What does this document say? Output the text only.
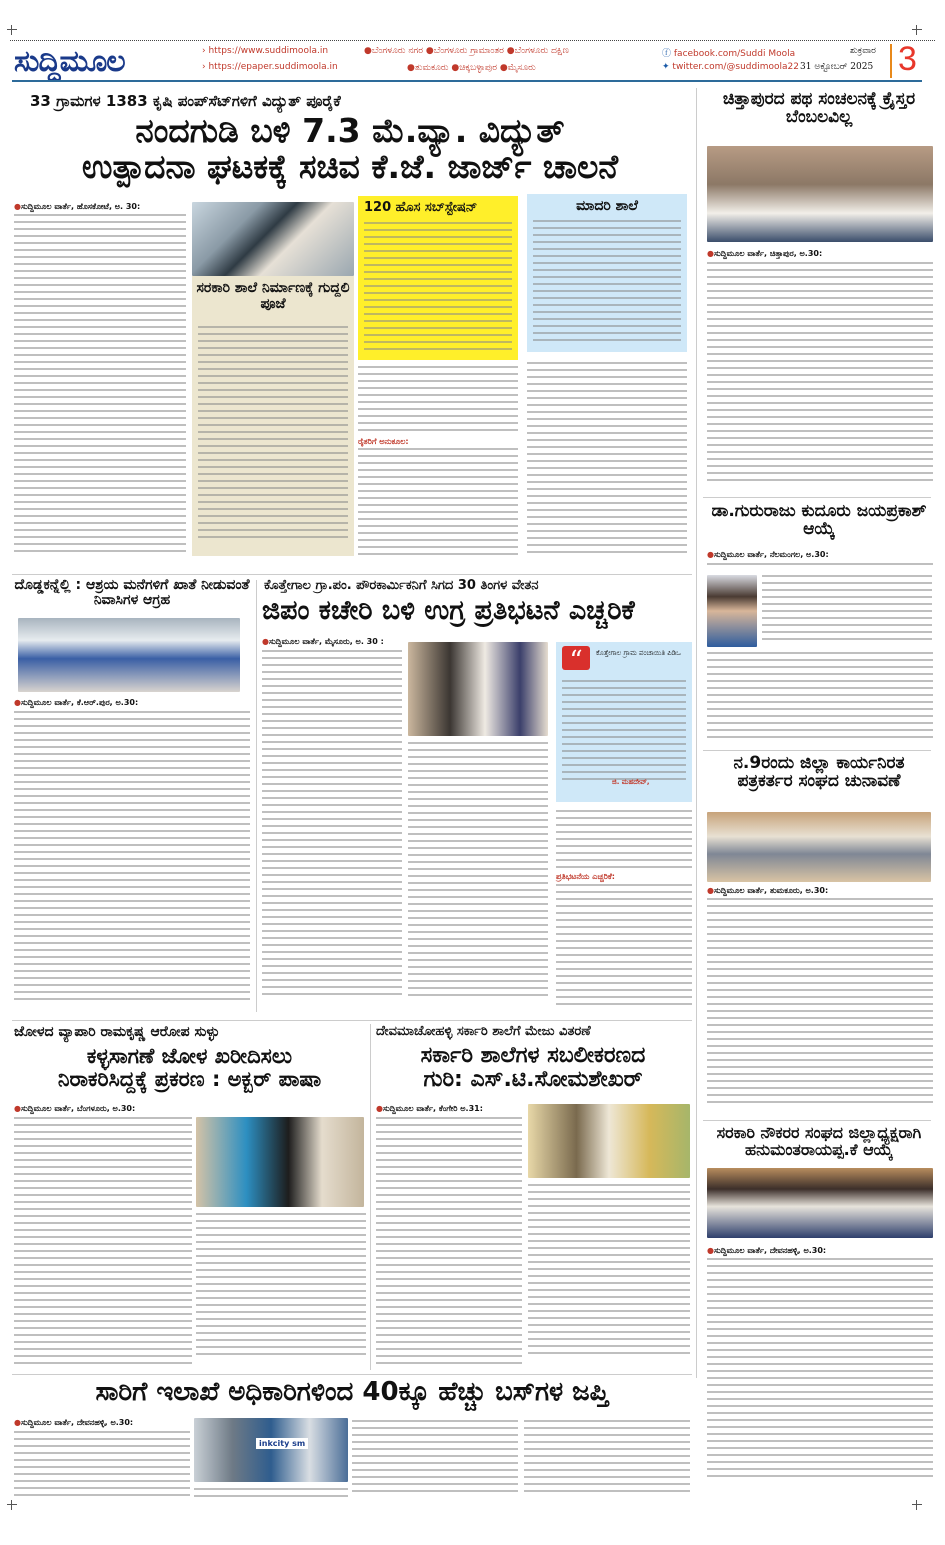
ಸುದ್ದಿಮೂಲ	› https://www.suddimoola.in
› https://epaper.suddimoola.in
●ಬೆಂಗಳೂರು ನಗರ ●ಬೆಂಗಳೂರು ಗ್ರಾಮಾಂತರ ●ಬೆಂಗಳೂರು ದಕ್ಷಿಣ
●ತುಮಕೂರು ●ಚಿಕ್ಕಬಳ್ಳಾಪುರ ●ಮೈಸೂರು
ⓕ facebook.com/Suddi Moola
✦ twitter.com/@suddimoola22
ಶುಕ್ರವಾರ
31 ಅಕ್ಟೋಬರ್ 2025 3
33 ಗ್ರಾಮಗಳ 1383 ಕೃಷಿ ಪಂಪ್‌ಸೆಟ್‌ಗಳಿಗೆ ವಿದ್ಯುತ್ ಪೂರೈಕೆ
ನಂದಗುಡಿ ಬಳಿ 7.3 ಮೆ.ವ್ಯಾ. ವಿದ್ಯುತ್
ಉತ್ಪಾದನಾ ಘಟಕಕ್ಕೆ ಸಚಿವ ಕೆ.ಜೆ. ಜಾರ್ಜ್ ಚಾಲನೆ
●ಸುದ್ದಿಮೂಲ ವಾರ್ತೆ, ಹೊಸಕೋಟೆ, ಅ. 30:
ಸರಕಾರಿ ಶಾಲೆ ನಿರ್ಮಾಣಕ್ಕೆ ಗುದ್ದಲಿ ಪೂಜೆ
120 ಹೊಸ ಸಬ್‌ಸ್ಟೇಷನ್	ಮಾದರಿ ಶಾಲೆ
ರೈತರಿಗೆ ಅನುಕೂಲ:
ಚಿತ್ತಾಪುರದ ಪಥ ಸಂಚಲನಕ್ಕೆ ಕ್ರೈಸ್ತರ ಬೆಂಬಲವಿಲ್ಲ
●ಸುದ್ದಿಮೂಲ ವಾರ್ತೆ, ಚಿತ್ತಾಪುರ, ಅ.30:
ಡಾ.ಗುರುರಾಜು ಕುದೂರು ಜಯಪ್ರಕಾಶ್ ಆಯ್ಕೆ
●ಸುದ್ದಿಮೂಲ ವಾರ್ತೆ, ನೆಲಮಂಗಲ, ಅ.30:
ನ.9ರಂದು ಜಿಲ್ಲಾ ಕಾರ್ಯನಿರತ ಪತ್ರಕರ್ತರ ಸಂಘದ ಚುನಾವಣೆ
●ಸುದ್ದಿಮೂಲ ವಾರ್ತೆ, ತುಮಕೂರು, ಅ.30:
ಸರಕಾರಿ ನೌಕರರ ಸಂಘದ ಜಿಲ್ಲಾಧ್ಯಕ್ಷರಾಗಿ ಹನುಮಂತರಾಯಪ್ಪ.ಕೆ ಆಯ್ಕೆ
●ಸುದ್ದಿಮೂಲ ವಾರ್ತೆ, ದೇವನಹಳ್ಳಿ, ಅ.30:
ದೊಡ್ಡಕನ್ನೆಲ್ಲಿ : ಆಶ್ರಯ ಮನೆಗಳಿಗೆ ಖಾತೆ ನೀಡುವಂತೆ ನಿವಾಸಿಗಳ ಆಗ್ರಹ
●ಸುದ್ದಿಮೂಲ ವಾರ್ತೆ, ಕೆ.ಆರ್.ಪುರ, ಅ.30:
ಕೊತ್ತೇಗಾಲ ಗ್ರಾ.ಪಂ. ಪೌರಕಾರ್ಮಿಕನಿಗೆ ಸಿಗದ 30 ತಿಂಗಳ ವೇತನ
ಜಿಪಂ ಕಚೇರಿ ಬಳಿ ಉಗ್ರ ಪ್ರತಿಭಟನೆ ಎಚ್ಚರಿಕೆ
●ಸುದ್ದಿಮೂಲ ವಾರ್ತೆ, ಮೈಸೂರು, ಅ. 30 :
“	ಕೊತ್ತೇಗಾಲ ಗ್ರಾಮ ಪಂಚಾಯಿತಿ ಪಿಡಿಒ
ಜಿ. ಮಹದೇವ್,
ಪ್ರತಿಭಟನೆಯ ಎಚ್ಚರಿಕೆ:
ಜೋಳದ ವ್ಯಾಪಾರಿ ರಾಮಕೃಷ್ಣ ಆರೋಪ ಸುಳ್ಳು
ಕಳ್ಳಸಾಗಣೆ ಜೋಳ ಖರೀದಿಸಲು
ನಿರಾಕರಿಸಿದ್ದಕ್ಕೆ ಪ್ರಕರಣ : ಅಕ್ಬರ್ ಪಾಷಾ
●ಸುದ್ದಿಮೂಲ ವಾರ್ತೆ, ಬೆಂಗಳೂರು, ಅ.30:
ದೇವಮಾಚೋಹಳ್ಳಿ ಸರ್ಕಾರಿ ಶಾಲೆಗೆ ಮೇಜು ವಿತರಣೆ
ಸರ್ಕಾರಿ ಶಾಲೆಗಳ ಸಬಲೀಕರಣದ
ಗುರಿ: ಎಸ್.ಟಿ.ಸೋಮಶೇಖರ್
●ಸುದ್ದಿಮೂಲ ವಾರ್ತೆ, ಕೆಂಗೇರಿ ಅ.31:
ಸಾರಿಗೆ ಇಲಾಖೆ ಅಧಿಕಾರಿಗಳಿಂದ 40ಕ್ಕೂ ಹೆಚ್ಚು ಬಸ್‌ಗಳ ಜಪ್ತಿ
●ಸುದ್ದಿಮೂಲ ವಾರ್ತೆ, ದೇವನಹಳ್ಳಿ, ಅ.30:
inkcity sm
